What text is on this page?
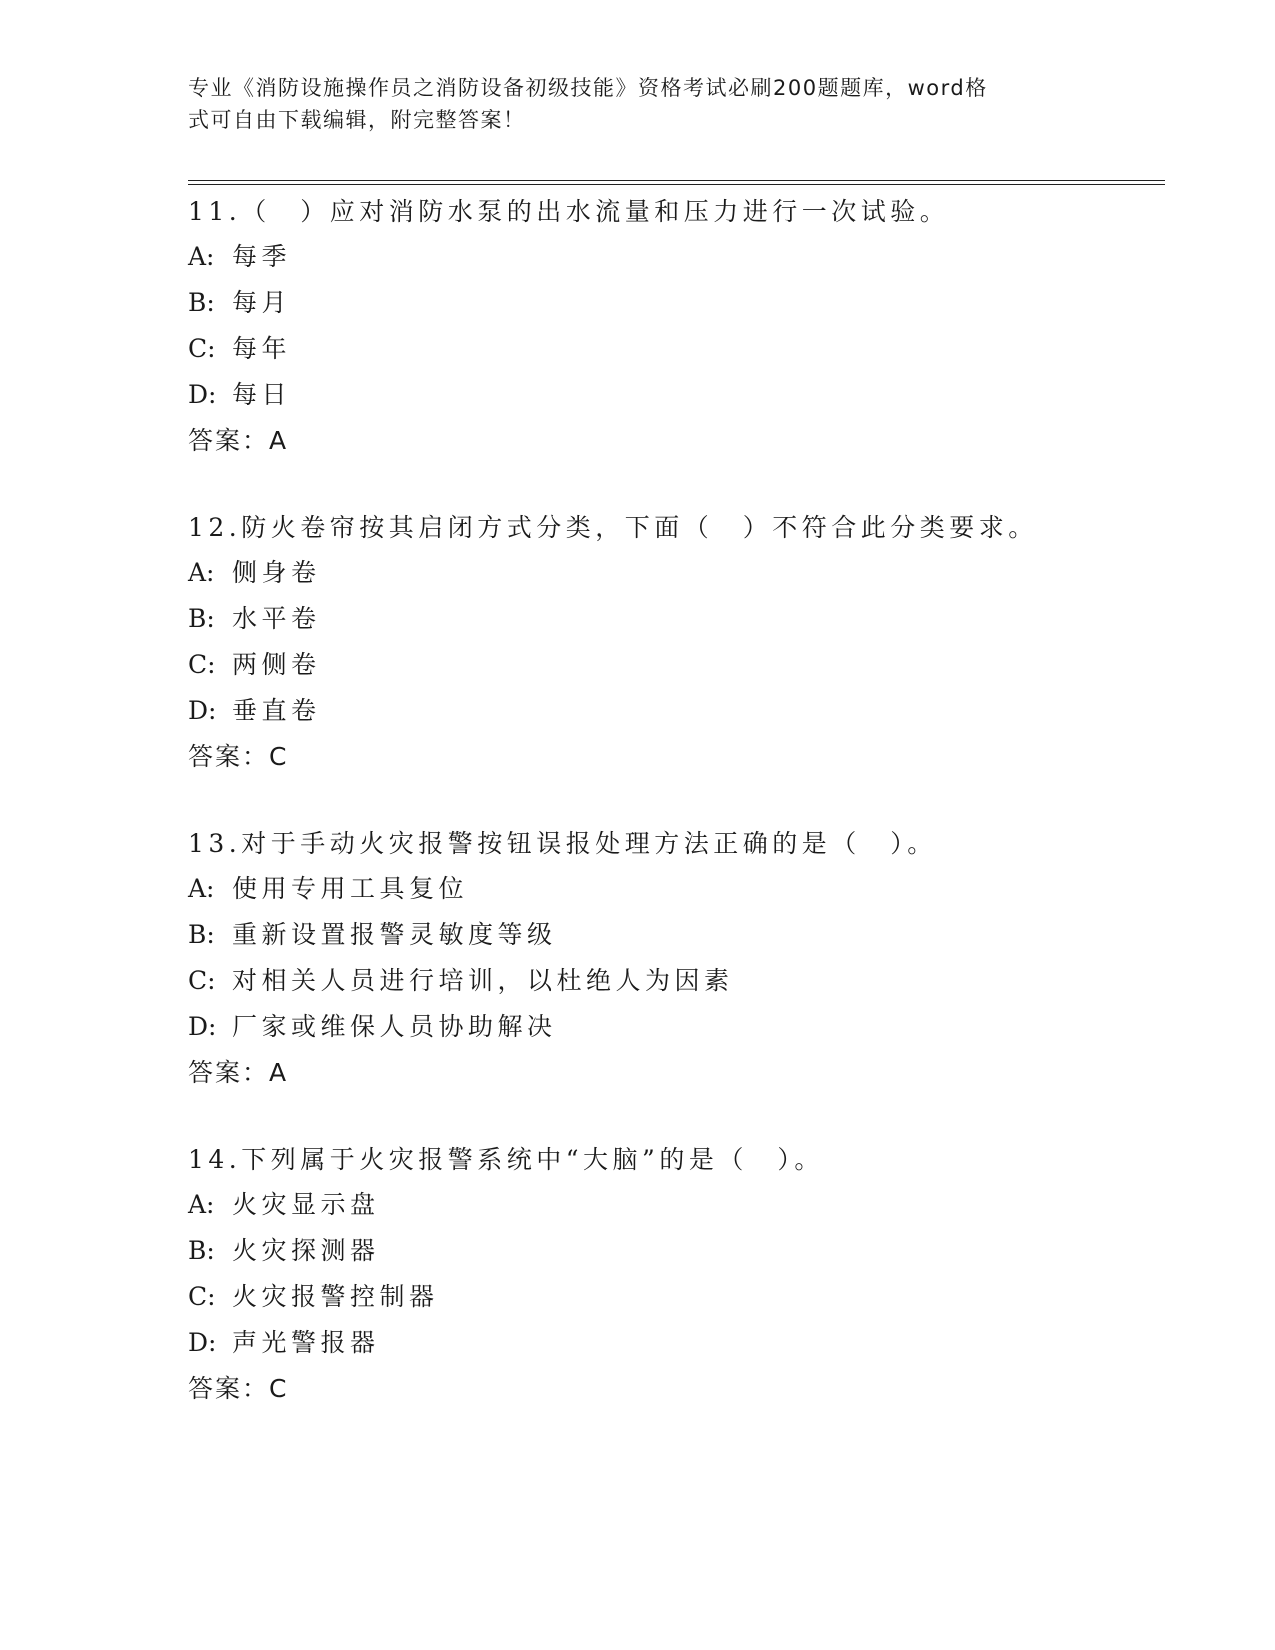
专业《消防设施操作员之消防设备初级技能》资格考试必刷200题题库，word格
式可自由下载编辑，附完整答案！
11.（　）应对消防水泵的出水流量和压力进行一次试验。
A: 每季
B: 每月
C: 每年
D: 每日
答案：A
12.防火卷帘按其启闭方式分类，下面（　）不符合此分类要求。
A: 侧身卷
B: 水平卷
C: 两侧卷
D: 垂直卷
答案：C
13.对于手动火灾报警按钮误报处理方法正确的是（　）。
A: 使用专用工具复位
B: 重新设置报警灵敏度等级
C: 对相关人员进行培训，以杜绝人为因素
D: 厂家或维保人员协助解决
答案：A
14.下列属于火灾报警系统中“大脑”的是（　）。
A: 火灾显示盘
B: 火灾探测器
C: 火灾报警控制器
D: 声光警报器
答案：C
